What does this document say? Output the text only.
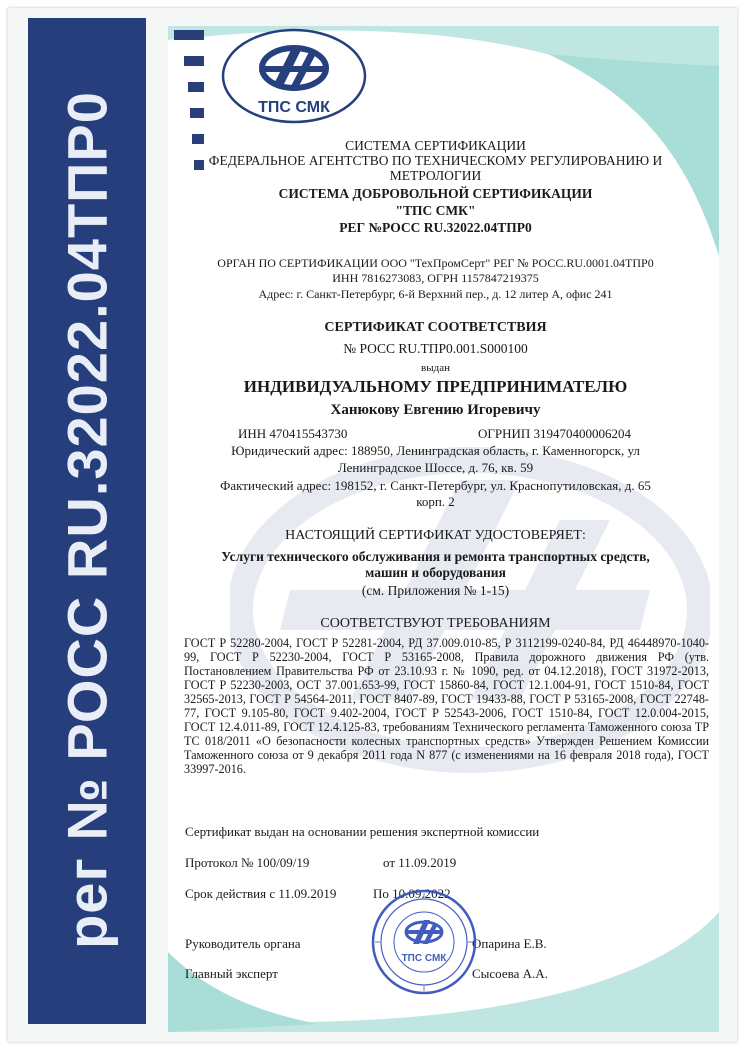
рег № РОСС RU.32022.04ТПР0	ТПС СМК
СИСТЕМА СЕРТИФИКАЦИИ
ФЕДЕРАЛЬНОЕ АГЕНТСТВО ПО ТЕХНИЧЕСКОМУ РЕГУЛИРОВАНИЮ И
МЕТРОЛОГИИ
СИСТЕМА ДОБРОВОЛЬНОЙ СЕРТИФИКАЦИИ
"ТПС СМК"
РЕГ №РОСС RU.32022.04ТПР0
ОРГАН ПО СЕРТИФИКАЦИИ ООО "ТехПромСерт" РЕГ № РОСС.RU.0001.04ТПР0
ИНН 7816273083, ОГРН 1157847219375
Адрес: г. Санкт-Петербург, 6-й Верхний пер., д. 12 литер А, офис 241
СЕРТИФИКАТ СООТВЕТСТВИЯ
№ РОСС RU.ТПР0.001.S000100
выдан
ИНДИВИДУАЛЬНОМУ ПРЕДПРИНИМАТЕЛЮ
Ханюкову Евгению Игоревичу
ИНН 470415543730	ОГРНИП 319470400006204
Юридический адрес: 188950, Ленинградская область, г. Каменногорск, ул
Ленинградское Шоссе, д. 76, кв. 59
Фактический адрес: 198152, г. Санкт-Петербург, ул. Краснопутиловская, д. 65
корп. 2
НАСТОЯЩИЙ СЕРТИФИКАТ УДОСТОВЕРЯЕТ:
Услуги технического обслуживания и ремонта транспортных средств,
машин и оборудования
(см. Приложения № 1-15)
СООТВЕТСТВУЮТ ТРЕБОВАНИЯМ
ГОСТ Р 52280-2004, ГОСТ Р 52281-2004, РД 37.009.010-85, Р 3112199-0240-84, РД 46448970-1040-99, ГОСТ Р 52230-2004, ГОСТ Р 53165-2008, Правила дорожного движения РФ (утв. Постановлением Правительства РФ от 23.10.93 г. № 1090, ред. от 04.12.2018), ГОСТ 31972-2013, ГОСТ Р 52230-2003, ОСТ 37.001.653-99, ГОСТ 15860-84, ГОСТ 12.1.004-91, ГОСТ 1510-84, ГОСТ 32565-2013, ГОСТ Р 54564-2011, ГОСТ 8407-89, ГОСТ 19433-88, ГОСТ Р 53165-2008, ГОСТ 22748-77, ГОСТ 9.105-80, ГОСТ 9.402-2004, ГОСТ Р 52543-2006, ГОСТ 1510-84, ГОСТ 12.0.004-2015, ГОСТ 12.4.011-89, ГОСТ 12.4.125-83, требованиям Технического регламента Таможенного союза ТР ТС 018/2011 «О безопасности колесных транспортных средств» Утвержден Решением Комиссии Таможенного союза от 9 декабря 2011 года N 877 (с изменениями на 16 февраля 2018 года), ГОСТ 33997-2016.
Сертификат выдан на основании решения экспертной комиссии
Протокол № 100/09/19	от 11.09.2019
Срок действия с 11.09.2019	По 10.09.2022
Руководитель органа	Опарина Е.В.
Главный эксперт	Сысоева А.А.
ТПС СМК
